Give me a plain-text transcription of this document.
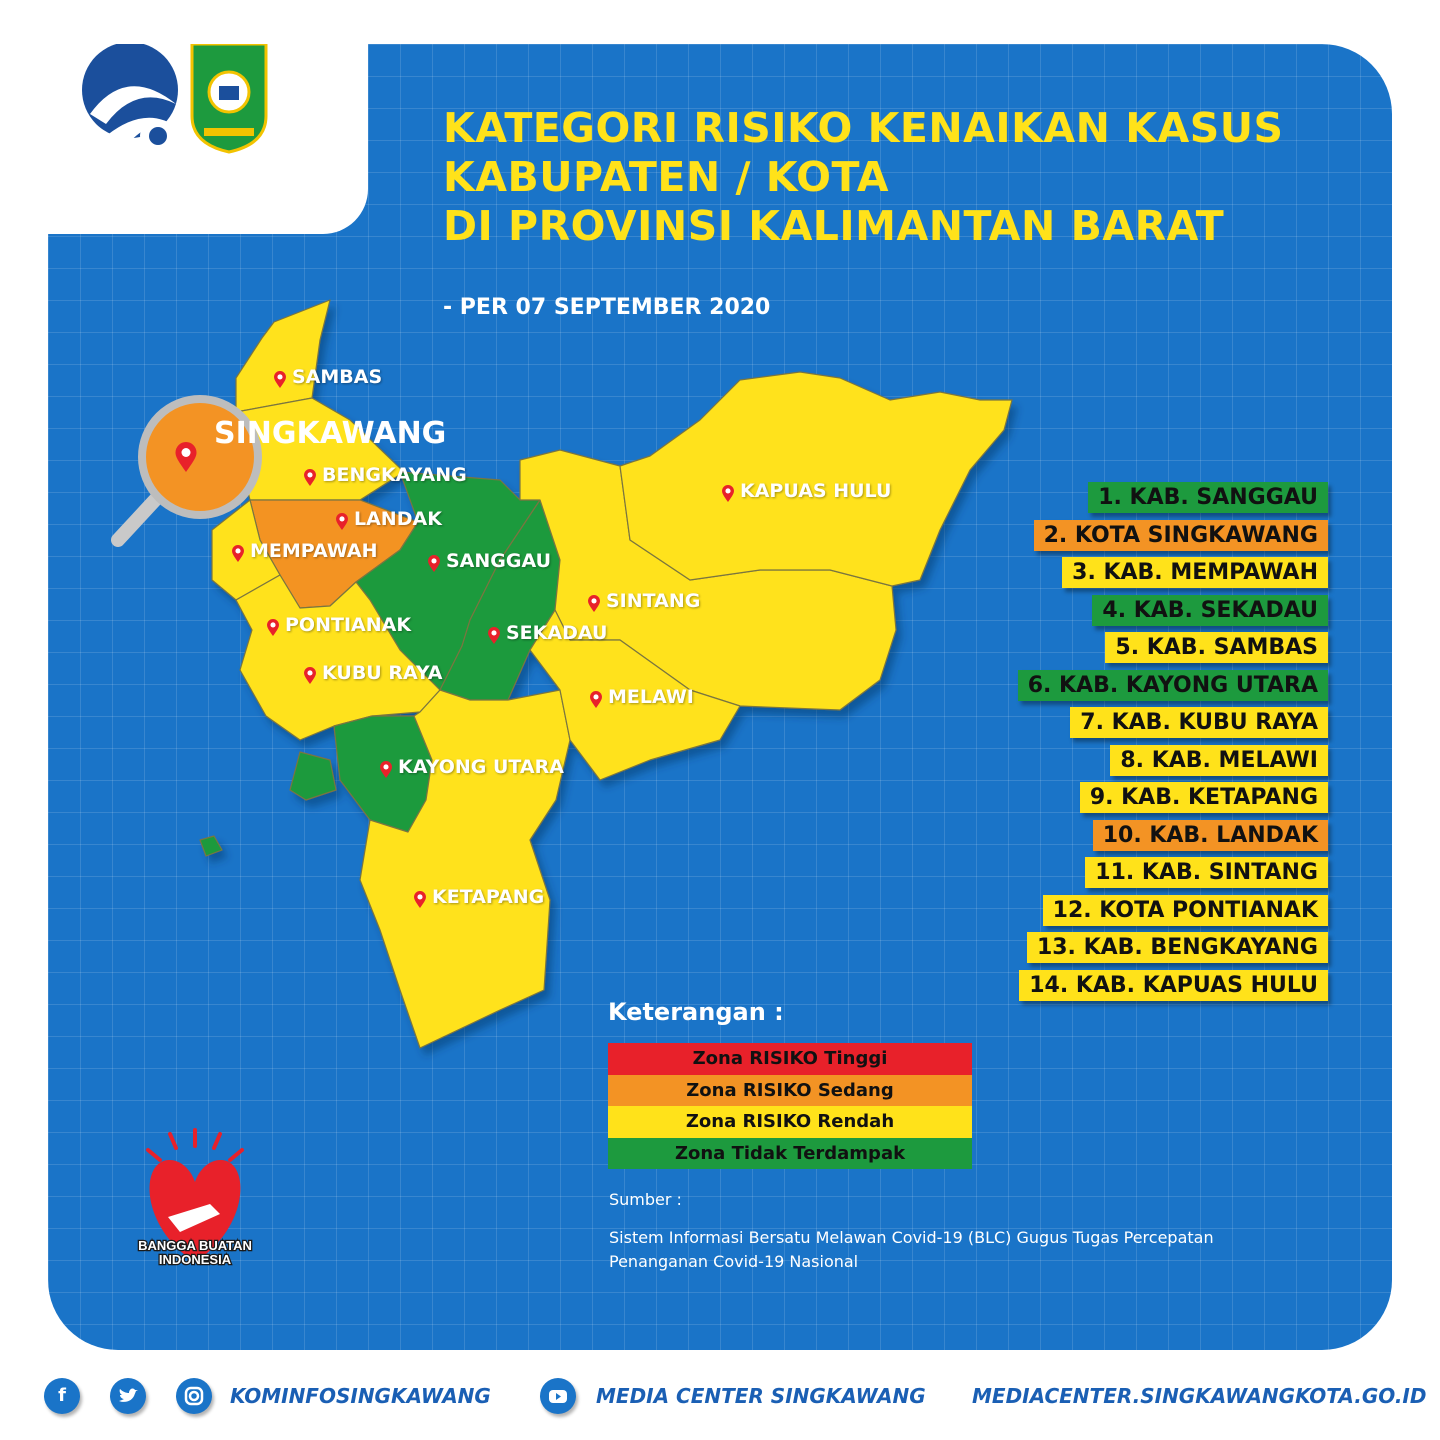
KATEGORI RISIKO KENAIKAN KASUS
KABUPATEN / KOTA
DI PROVINSI KALIMANTAN BARAT
- PER 07 SEPTEMBER 2020
SINGKAWANG
SAMBAS
BENGKAYANG
LANDAK
MEMPAWAH	SANGGAU
PONTIANAK	SEKADAU
KUBU RAYA
SINTANG
MELAWI
KAYONG UTARA
KETAPANG
KAPUAS HULU	1. KAB. SANGGAU
2. KOTA SINGKAWANG
3. KAB. MEMPAWAH
4. KAB. SEKADAU
5. KAB. SAMBAS
6. KAB. KAYONG UTARA
7. KAB. KUBU RAYA
8. KAB. MELAWI
9. KAB. KETAPANG
10. KAB. LANDAK
11. KAB. SINTANG
12. KOTA PONTIANAK
13. KAB. BENGKAYANG
14. KAB. KAPUAS HULU
Keterangan :
Zona RISIKO Tinggi
Zona RISIKO Sedang
Zona RISIKO Rendah
Zona Tidak Terdampak
Sumber :
Sistem Informasi Bersatu Melawan Covid-19 (BLC) Gugus Tugas Percepatan Penanganan Covid-19 Nasional
BANGGA BUATAN
INDONESIA
f	KOMINFOSINGKAWANG	MEDIA CENTER SINGKAWANG MEDIACENTER.SINGKAWANGKOTA.GO.ID
